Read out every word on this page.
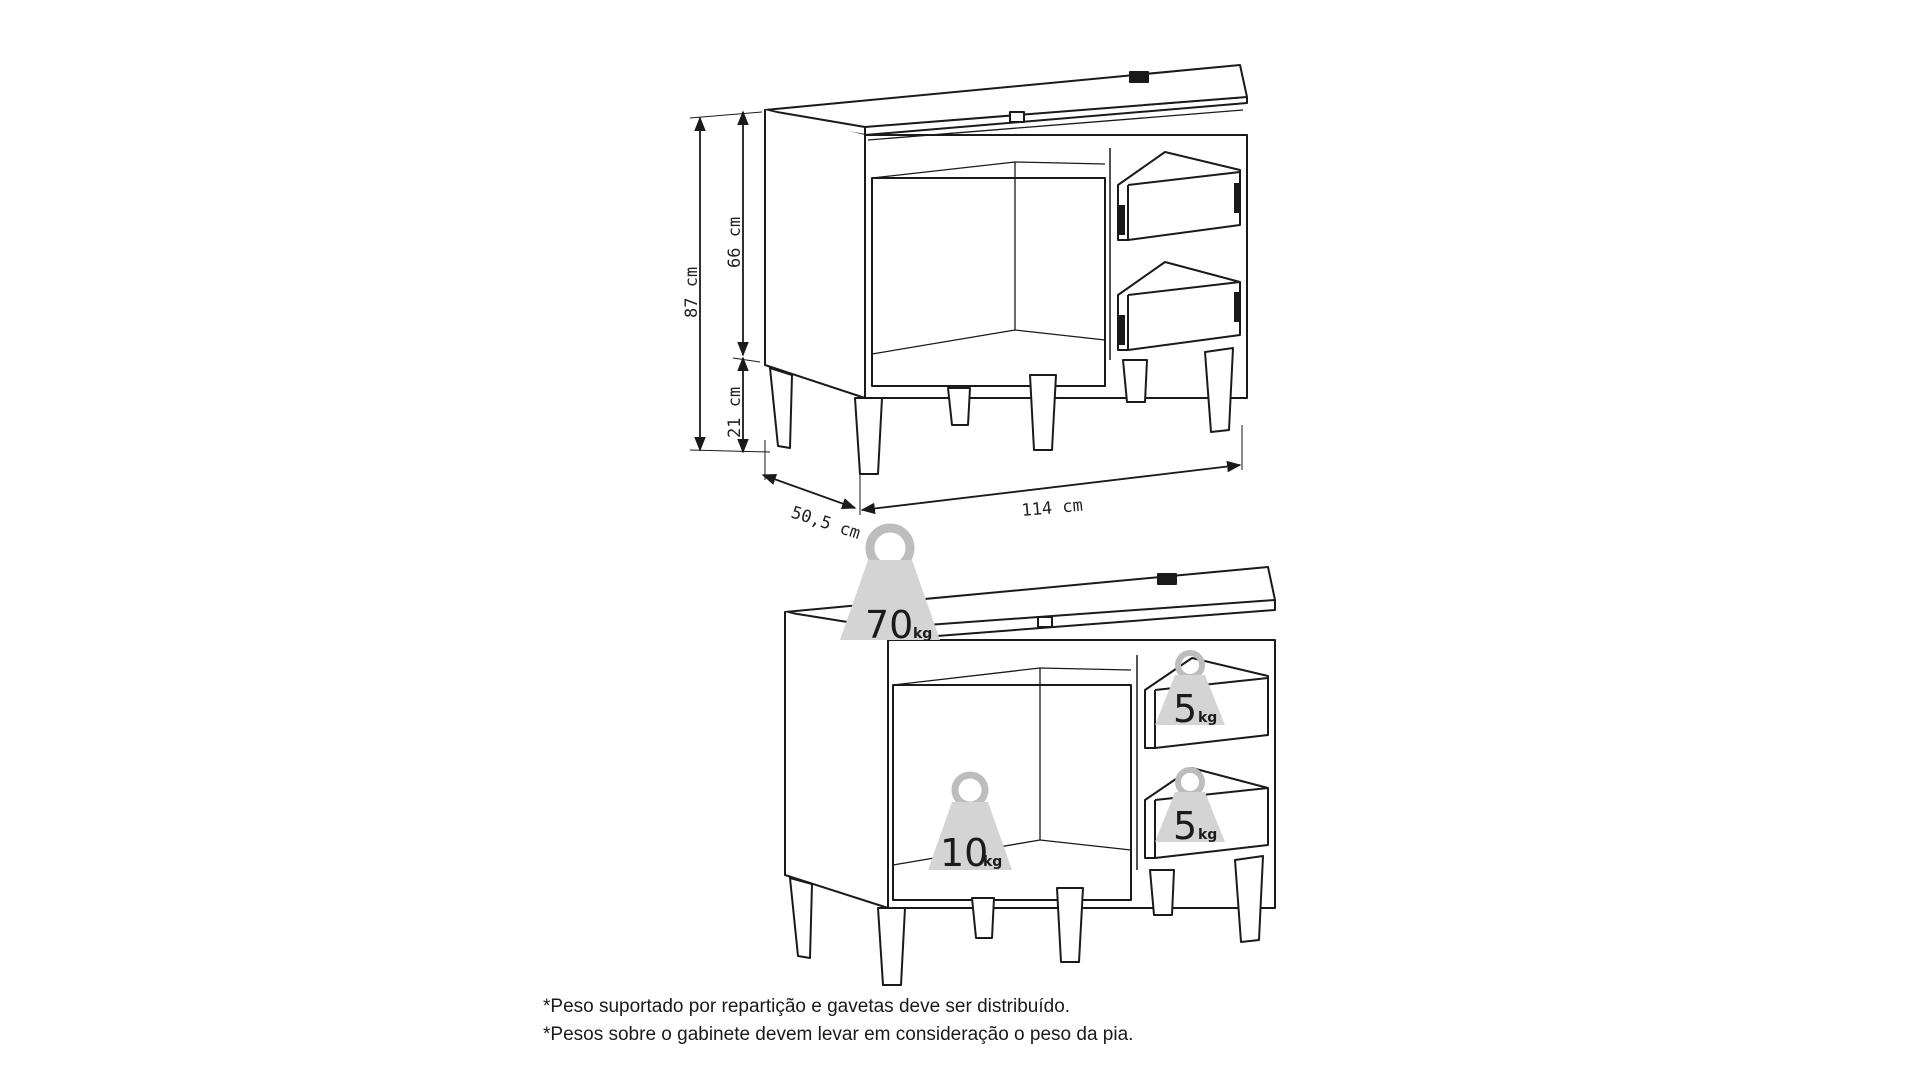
87 cm
66 cm
21 cm
50,5 cm	114 cm
70 kg
5 kg
5 kg
10
kg
*Peso suportado por repartição e gavetas deve ser distribuído.
*Pesos sobre o gabinete devem levar em consideração o peso da pia.
